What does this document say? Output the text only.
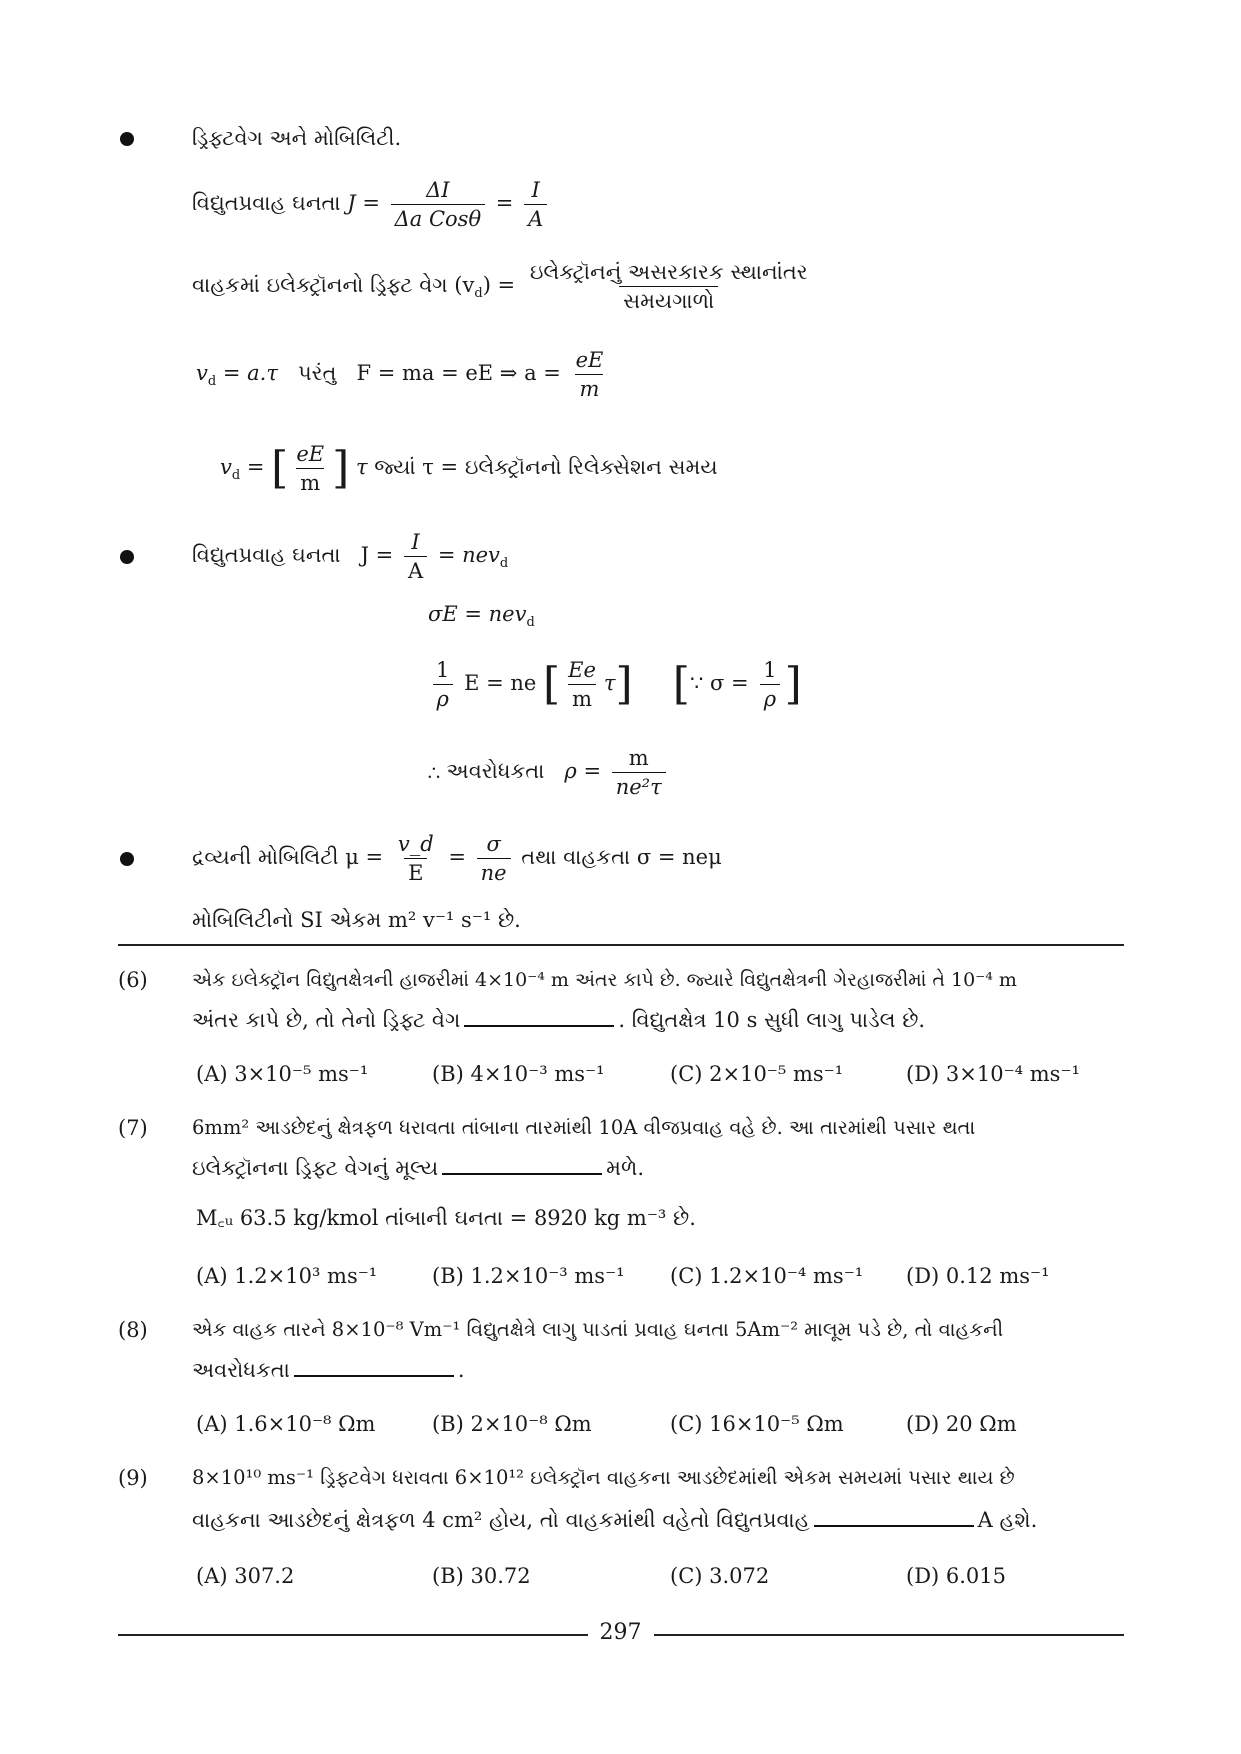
ડ્રિફ્ટવેગ અને મોબિલિટી.
વિદ્યુતપ્રવાહ ઘનતા $J = \frac{\Delta I}{\text{Δa Cosθ}} = \frac{I}{A}$
વાહકમાં ઇલેક્ટ્રૉનનો ડ્રિફ્ટ વેગ $(v_d) = \frac{\text{ઇલેક્ટ્રૉનનું અસરકારક સ્થાનાંતર}}{\text{સમયગાળો}}$
$v_d = a.\tau$ પરંતુ F = ma = eE ⇒ $a = \frac{eE}{m}$
$v_d$ = [ $\frac{eE}{m}$ ] τ જ્યાં τ = ઇલેક્ટ્રૉનનો રિલેક્સેશન સમય
વિદ્યુતપ્રવાહ ઘનતા $J = \frac{I}{A} = nev_d$
σE = nev$_d$
$\frac{1}{\rho}$ E = ne [ $\frac{Ee}{m} \tau$] [∵ $\sigma = \frac{1}{\rho}$ ]
∴ અવરોધકતા $\rho = \frac{m}{\text{ne²τ}}$
દ્રવ્યની મોબિલિટી $\mu = \frac{v\_d}{E} = \frac{\sigma}{ne}$ તથા વાહકતા σ = neμ
મોબિલિટીનો SI એકમ m² v⁻¹ s⁻¹ છે.
(6) એક ઇલેક્ટ્રૉન વિદ્યુતક્ષેત્રની હાજરીમાં 4×10⁻⁴ m અંતર કાપે છે. જ્યારે વિદ્યુતક્ષેત્રની ગેરહાજરીમાં તે 10⁻⁴ m
અંતર કાપે છે, તો તેનો ડ્રિફ્ટ વેગ	. વિદ્યુતક્ષેત્ર 10 s સુધી લાગુ પાડેલ છે.
(A) 3×10⁻⁵ ms⁻¹	(B) 4×10⁻³ ms⁻¹	(C) 2×10⁻⁵ ms⁻¹	(D) 3×10⁻⁴ ms⁻¹
(7) 6mm² આડછેદનું ક્ષેત્રફળ ધરાવતા તાંબાના તારમાંથી 10A વીજપ્રવાહ વહે છે. આ તારમાંથી પસાર થતા
ઇલેક્ટ્રૉનના ડ્રિફ્ટ વેગનું મૂલ્ય	મળે.
M꜀ᵤ 63.5 kg/kmol તાંબાની ઘનતા = 8920 kg m⁻³ છે.
(A) 1.2×10³ ms⁻¹	(B) 1.2×10⁻³ ms⁻¹ (C) 1.2×10⁻⁴ ms⁻¹ (D) 0.12 ms⁻¹
(8) એક વાહક તારને 8×10⁻⁸ Vm⁻¹ વિદ્યુતક્ષેત્રે લાગુ પાડતાં પ્રવાહ ઘનતા 5Am⁻² માલૂમ પડે છે, તો વાહકની
અવરોધકતા	.
(A) 1.6×10⁻⁸ Ωm	(B) 2×10⁻⁸ Ωm	(C) 16×10⁻⁵ Ωm	(D) 20 Ωm
(9) 8×10¹⁰ ms⁻¹ ડ્રિફ્ટવેગ ધરાવતા 6×10¹² ઇલેક્ટ્રૉન વાહકના આડછેદમાંથી એકમ સમયમાં પસાર થાય છે
વાહકના આડછેદનું ક્ષેત્રફળ 4 cm² હોય, તો વાહકમાંથી વહેતો વિદ્યુતપ્રવાહ	A હશે.
(A) 307.2	(B) 30.72	(C) 3.072	(D) 6.015
297
